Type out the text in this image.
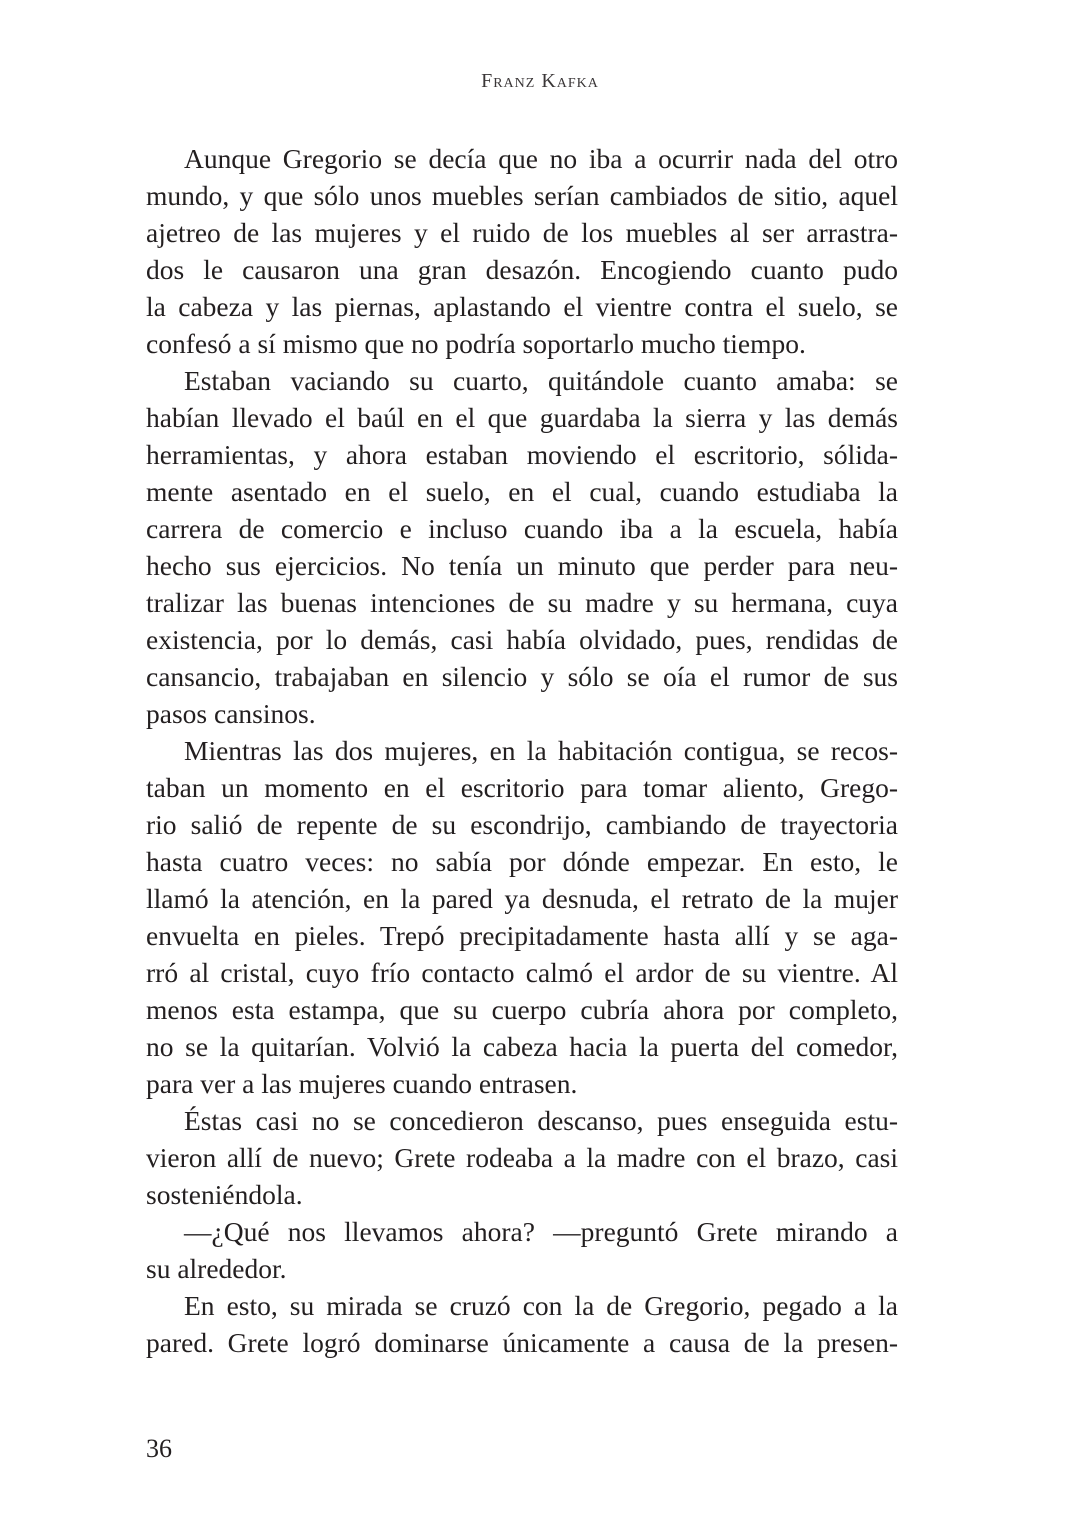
Franz Kafka
Aunque Gregorio se decía que no iba a ocurrir nada del otro
mundo, y que sólo unos muebles serían cambiados de sitio, aquel
ajetreo de las mujeres y el ruido de los muebles al ser arrastra-
dos le causaron una gran desazón. Encogiendo cuanto pudo
la cabeza y las piernas, aplastando el vientre contra el suelo, se
confesó a sí mismo que no podría soportarlo mucho tiempo.
Estaban vaciando su cuarto, quitándole cuanto amaba: se
habían llevado el baúl en el que guardaba la sierra y las demás
herramientas, y ahora estaban moviendo el escritorio, sólida-
mente asentado en el suelo, en el cual, cuando estudiaba la
carrera de comercio e incluso cuando iba a la escuela, había
hecho sus ejercicios. No tenía un minuto que perder para neu-
tralizar las buenas intenciones de su madre y su hermana, cuya
existencia, por lo demás, casi había olvidado, pues, rendidas de
cansancio, trabajaban en silencio y sólo se oía el rumor de sus
pasos cansinos.
Mientras las dos mujeres, en la habitación contigua, se recos-
taban un momento en el escritorio para tomar aliento, Grego-
rio salió de repente de su escondrijo, cambiando de trayectoria
hasta cuatro veces: no sabía por dónde empezar. En esto, le
llamó la atención, en la pared ya desnuda, el retrato de la mujer
envuelta en pieles. Trepó precipitadamente hasta allí y se aga-
rró al cristal, cuyo frío contacto calmó el ardor de su vientre. Al
menos esta estampa, que su cuerpo cubría ahora por completo,
no se la quitarían. Volvió la cabeza hacia la puerta del comedor,
para ver a las mujeres cuando entrasen.
Éstas casi no se concedieron descanso, pues enseguida estu-
vieron allí de nuevo; Grete rodeaba a la madre con el brazo, casi
sosteniéndola.
—¿Qué nos llevamos ahora? —preguntó Grete mirando a
su alrededor.
En esto, su mirada se cruzó con la de Gregorio, pegado a la
pared. Grete logró dominarse únicamente a causa de la presen-
36
